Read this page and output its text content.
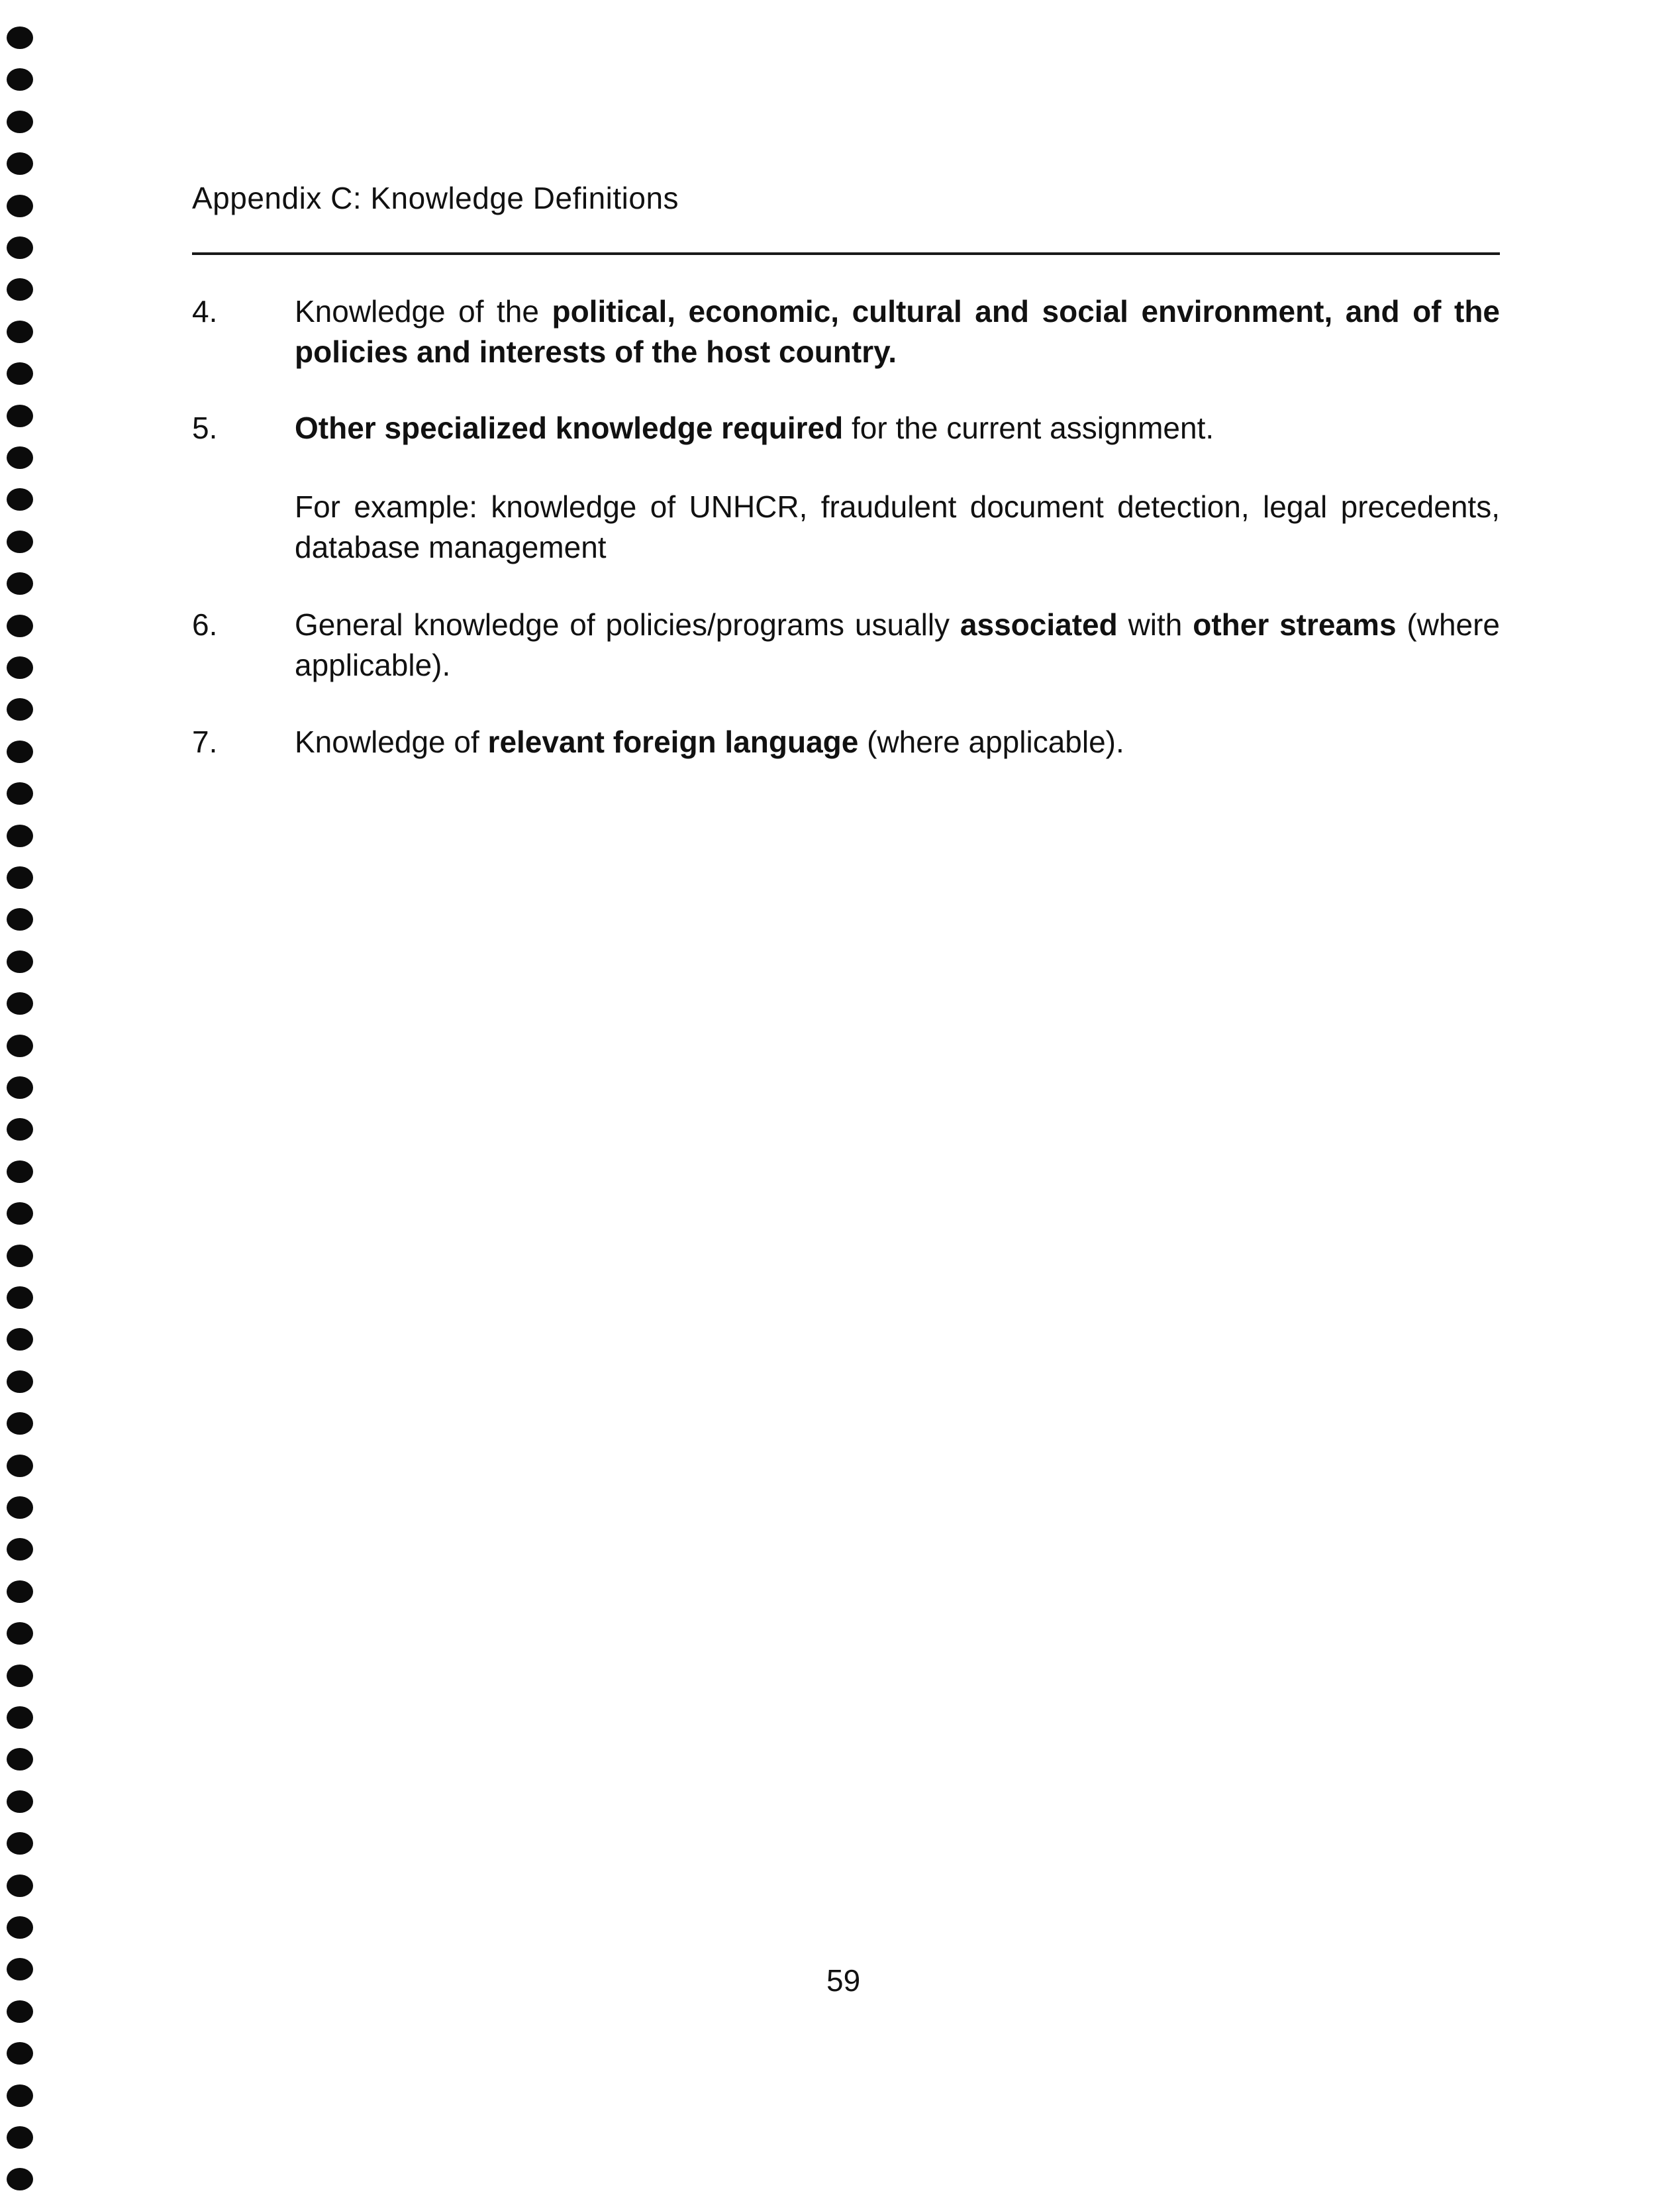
Appendix C: Knowledge Definitions
4.	Knowledge of the political, economic, cultural and social environment, and of the policies and interests of the host country.
5.	Other specialized knowledge required for the current assignment.
For example: knowledge of UNHCR, fraudulent document detection, legal precedents, database management
6.	General knowledge of policies/programs usually associated with other streams (where applicable).
7.	Knowledge of relevant foreign language (where applicable).
59
